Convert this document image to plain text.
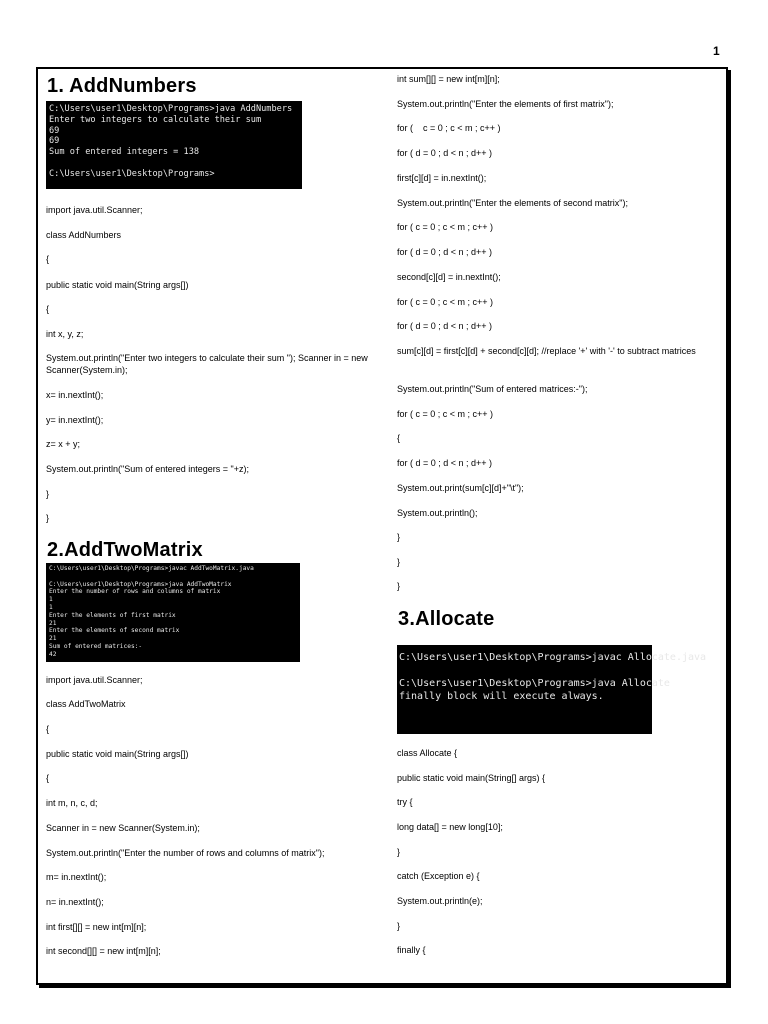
1
1. AddNumbers
C:\Users\user1\Desktop\Programs>java AddNumbers
Enter two integers to calculate their sum
69
69
Sum of entered integers = 138

C:\Users\user1\Desktop\Programs>
import java.util.Scanner;
class AddNumbers
{
public static void main(String args[])
{
int x, y, z;
System.out.println("Enter two integers to calculate their sum "); Scanner in = new Scanner(System.in);
x= in.nextInt();
y= in.nextInt();
z= x + y;
System.out.println("Sum of entered integers = "+z);
}
}
2.AddTwoMatrix
C:\Users\user1\Desktop\Programs>javac AddTwoMatrix.java

C:\Users\user1\Desktop\Programs>java AddTwoMatrix
Enter the number of rows and columns of matrix
1
1
Enter the elements of first matrix
21
Enter the elements of second matrix
21
Sum of entered matrices:-
42
import java.util.Scanner;
class AddTwoMatrix
{
public static void main(String args[])
{
int m, n, c, d;
Scanner in = new Scanner(System.in);
System.out.println("Enter the number of rows and columns of matrix");
m= in.nextInt();
n= in.nextInt();
int first[][] = new int[m][n];
int second[][] = new int[m][n];
int sum[][] = new int[m][n];
System.out.println("Enter the elements of first matrix");
for (    c = 0 ; c < m ; c++ )
for ( d = 0 ; d < n ; d++ )
first[c][d] = in.nextInt();
System.out.println("Enter the elements of second matrix");
for ( c = 0 ; c < m ; c++ )
for ( d = 0 ; d < n ; d++ )
second[c][d] = in.nextInt();
for ( c = 0 ; c < m ; c++ )
for ( d = 0 ; d < n ; d++ )
sum[c][d] = first[c][d] + second[c][d]; //replace '+' with '-' to subtract matrices
System.out.println("Sum of entered matrices:-");
for ( c = 0 ; c < m ; c++ )
{
for ( d = 0 ; d < n ; d++ )
System.out.print(sum[c][d]+"\t");
System.out.println();
}
}
}
3.Allocate
C:\Users\user1\Desktop\Programs>javac Allocate.java

C:\Users\user1\Desktop\Programs>java Allocate
finally block will execute always.
class Allocate {
public static void main(String[] args) {
try {
long data[] = new long[10];
}
catch (Exception e) {
System.out.println(e);
}
finally {
